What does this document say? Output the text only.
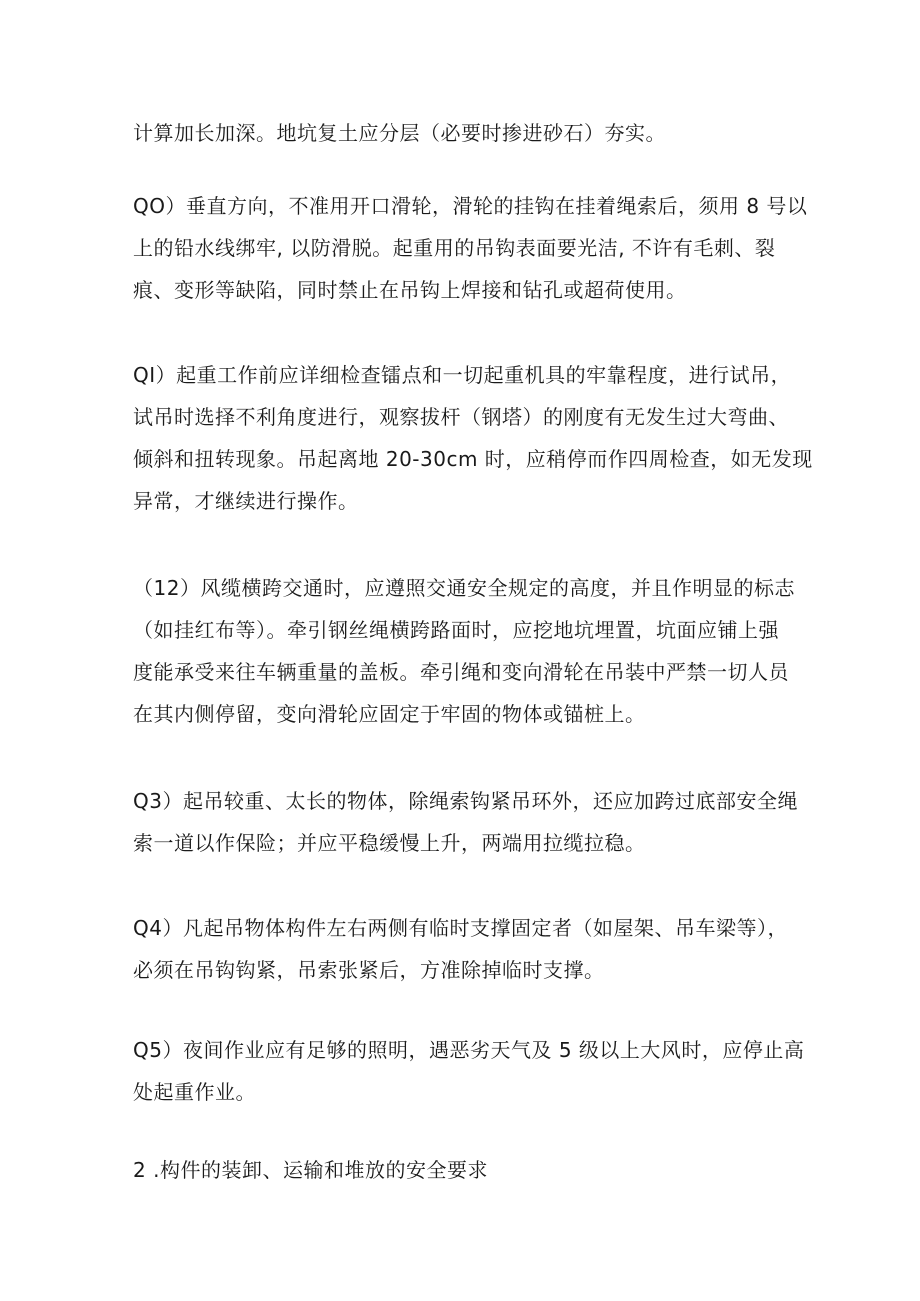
计算加长加深。地坑复土应分层（必要时掺进砂石）夯实。

QO）垂直方向，不准用开口滑轮，滑轮的挂钩在挂着绳索后，须用 8 号以
上的铅水线绑牢, 以防滑脱。起重用的吊钩表面要光洁, 不许有毛刺、裂
痕、变形等缺陷，同时禁止在吊钩上焊接和钻孔或超荷使用。

QI）起重工作前应详细检查镭点和一切起重机具的牢靠程度，进行试吊，
试吊时选择不利角度进行，观察拔杆（钢塔）的刚度有无发生过大弯曲、
倾斜和扭转现象。吊起离地 20-30cm 时，应稍停而作四周检查，如无发现
异常，才继续进行操作。

（12）风缆横跨交通时，应遵照交通安全规定的高度，并且作明显的标志
（如挂红布等）。牵引钢丝绳横跨路面时，应挖地坑埋置，坑面应铺上强
度能承受来往车辆重量的盖板。牵引绳和变向滑轮在吊装中严禁一切人员
在其内侧停留，变向滑轮应固定于牢固的物体或锚桩上。

Q3）起吊较重、太长的物体，除绳索钩紧吊环外，还应加跨过底部安全绳
索一道以作保险；并应平稳缓慢上升，两端用拉缆拉稳。

Q4）凡起吊物体构件左右两侧有临时支撑固定者（如屋架、吊车梁等），
必须在吊钩钩紧，吊索张紧后，方准除掉临时支撑。

Q5）夜间作业应有足够的照明，遇恶劣天气及 5 级以上大风时，应停止高
处起重作业。

2 .构件的装卸、运输和堆放的安全要求
